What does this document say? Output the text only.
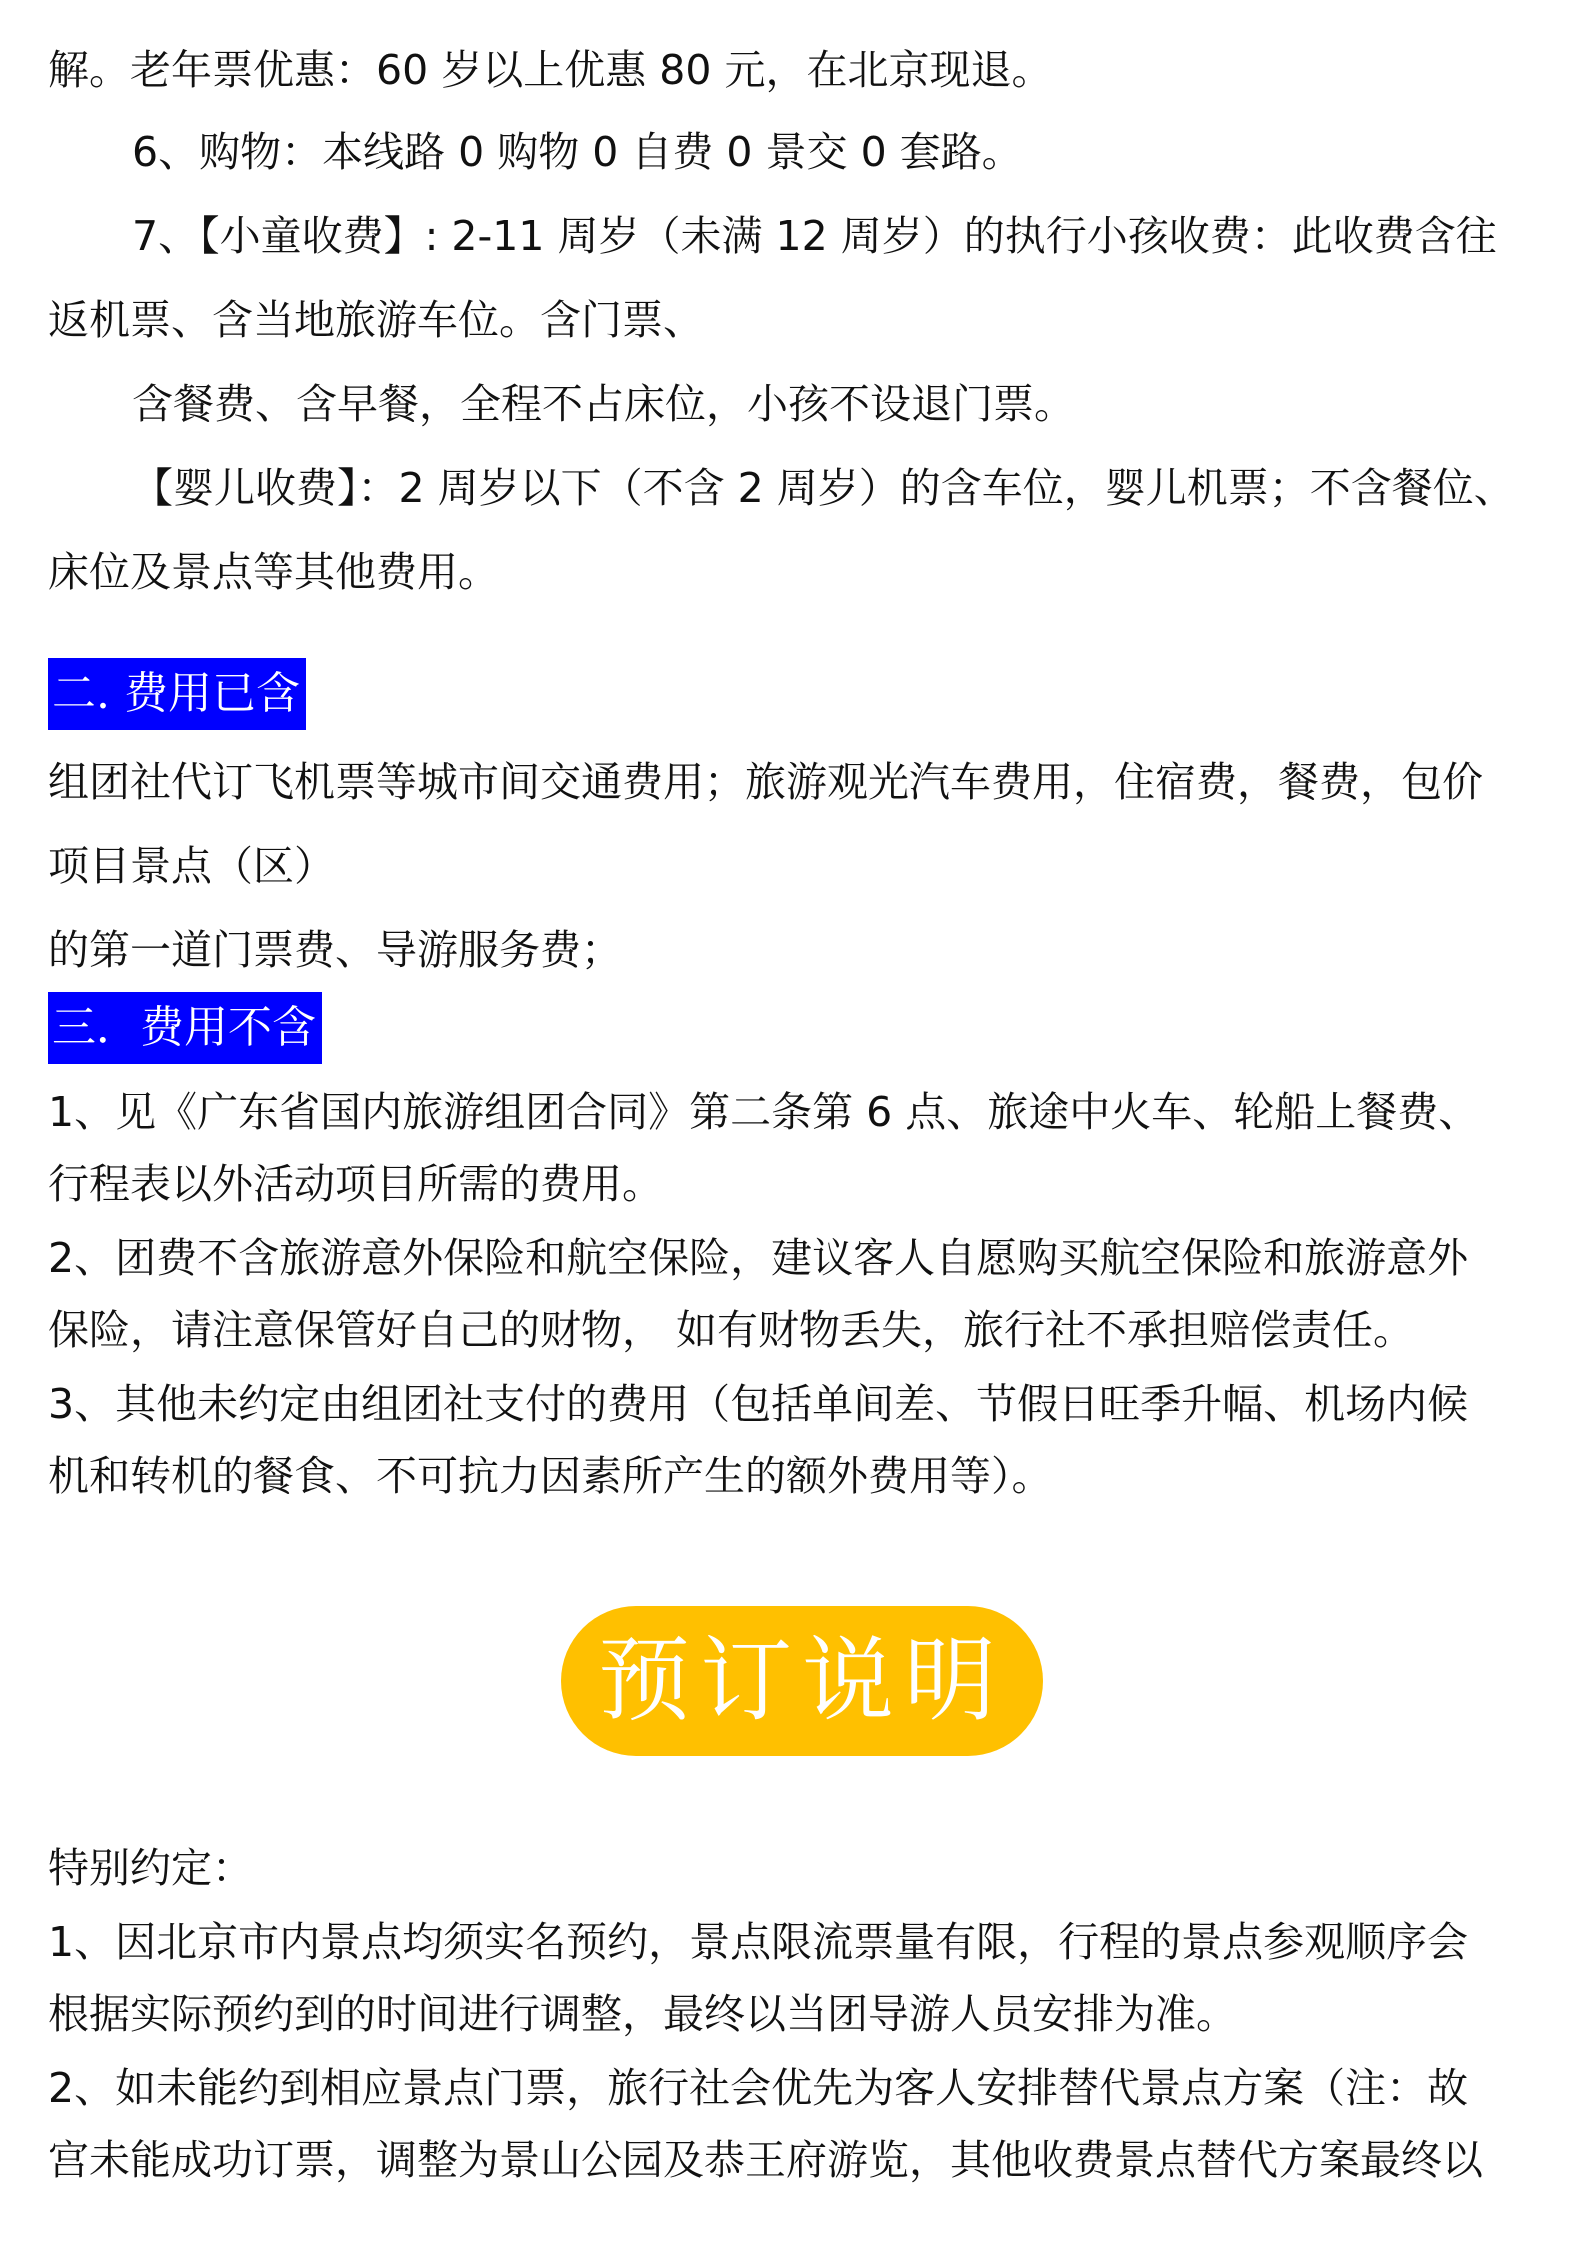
解。老年票优惠：60 岁以上优惠 80 元，在北京现退。
6、购物：本线路 0 购物 0 自费 0 景交 0 套路。
7、【小童收费】: 2-11 周岁（未满 12 周岁）的执行小孩收费：此收费含往
返机票、含当地旅游车位。含门票、
含餐费、含早餐，全程不占床位，小孩不设退门票。
【婴儿收费】：2 周岁以下（不含 2 周岁）的含车位，婴儿机票；不含餐位、
床位及景点等其他费用。
二. 费用已含
组团社代订飞机票等城市间交通费用；旅游观光汽车费用，住宿费，餐费，包价
项目景点（区）
的第一道门票费、导游服务费；
三．费用不含
1、见《广东省国内旅游组团合同》第二条第 6 点、旅途中火车、轮船上餐费、
行程表以外活动项目所需的费用。
2、团费不含旅游意外保险和航空保险，建议客人自愿购买航空保险和旅游意外
保险，请注意保管好自己的财物， 如有财物丢失，旅行社不承担赔偿责任。
3、其他未约定由组团社支付的费用（包括单间差、节假日旺季升幅、机场内候
机和转机的餐食、不可抗力因素所产生的额外费用等）。
预订说明
特别约定：
1、因北京市内景点均须实名预约，景点限流票量有限，行程的景点参观顺序会
根据实际预约到的时间进行调整，最终以当团导游人员安排为准。
2、如未能约到相应景点门票，旅行社会优先为客人安排替代景点方案（注：故
宫未能成功订票，调整为景山公园及恭王府游览，其他收费景点替代方案最终以
